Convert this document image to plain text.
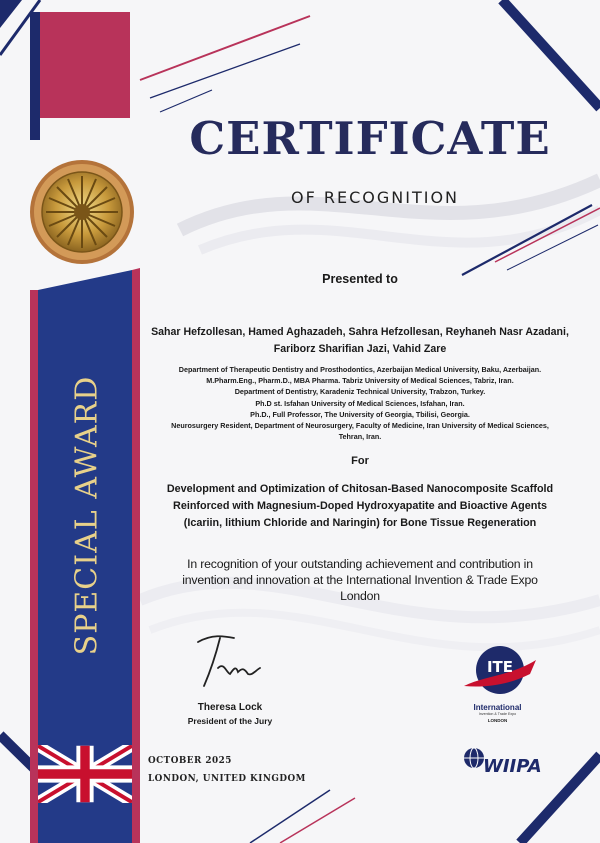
CERTIFICATE
OF RECOGNITION
Presented to
Sahar Hefzollesan, Hamed Aghazadeh, Sahra Hefzollesan, Reyhaneh Nasr Azadani,
Fariborz Sharifian Jazi, Vahid Zare
Department of Therapeutic Dentistry and Prosthodontics, Azerbaijan Medical University, Baku, Azerbaijan.
M.Pharm.Eng., Pharm.D., MBA Pharma. Tabriz University of Medical Sciences, Tabriz, Iran.
Department of Dentistry, Karadeniz Technical University, Trabzon, Turkey.
Ph.D st. Isfahan University of Medical Sciences, Isfahan, Iran.
Ph.D., Full Professor, The University of Georgia, Tbilisi, Georgia.
Neurosurgery Resident, Department of Neurosurgery, Faculty of Medicine, Iran University of Medical Sciences,
Tehran, Iran.
For
Development and Optimization of Chitosan-Based Nanocomposite Scaffold
Reinforced with Magnesium-Doped Hydroxyapatite and Bioactive Agents
(Icariin, lithium Chloride and Naringin) for Bone Tissue Regeneration
In recognition of your outstanding achievement and contribution in
invention and innovation at the International Invention & Trade Expo
London
Theresa Lock
President of the Jury
OCTOBER 2025
LONDON, UNITED KINGDOM
SPECIAL AWARD
ITE
International
Invention & Trade Expo
LONDON
WIIPA
